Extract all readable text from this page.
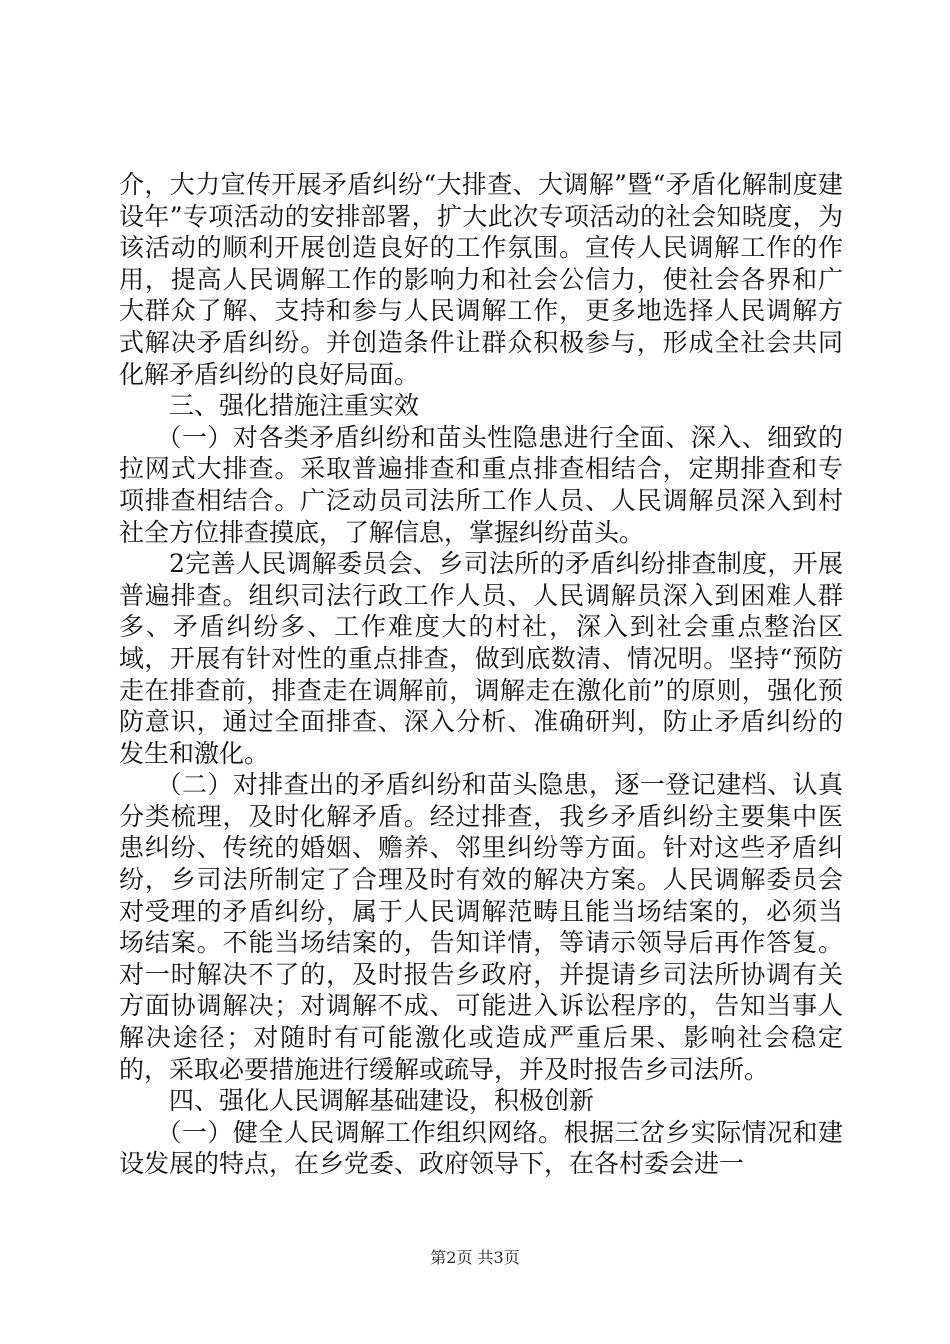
介，大力宣传开展矛盾纠纷“大排查、大调解”暨“矛盾化解制度建设年”专项活动的安排部署，扩大此次专项活动的社会知晓度，为该活动的顺利开展创造良好的工作氛围。宣传人民调解工作的作用，提高人民调解工作的影响力和社会公信力，使社会各界和广大群众了解、支持和参与人民调解工作，更多地选择人民调解方式解决矛盾纠纷。并创造条件让群众积极参与，形成全社会共同化解矛盾纠纷的良好局面。

三、强化措施注重实效

（一）对各类矛盾纠纷和苗头性隐患进行全面、深入、细致的拉网式大排查。采取普遍排查和重点排查相结合，定期排查和专项排查相结合。广泛动员司法所工作人员、人民调解员深入到村社全方位排查摸底，了解信息，掌握纠纷苗头。

2完善人民调解委员会、乡司法所的矛盾纠纷排查制度，开展普遍排查。组织司法行政工作人员、人民调解员深入到困难人群多、矛盾纠纷多、工作难度大的村社，深入到社会重点整治区域，开展有针对性的重点排查，做到底数清、情况明。坚持“预防走在排查前，排查走在调解前，调解走在激化前”的原则，强化预防意识，通过全面排查、深入分析、准确研判，防止矛盾纠纷的发生和激化。

（二）对排查出的矛盾纠纷和苗头隐患，逐一登记建档、认真分类梳理，及时化解矛盾。经过排查，我乡矛盾纠纷主要集中医患纠纷、传统的婚姻、赡养、邻里纠纷等方面。针对这些矛盾纠纷，乡司法所制定了合理及时有效的解决方案。人民调解委员会对受理的矛盾纠纷，属于人民调解范畴且能当场结案的，必须当场结案。不能当场结案的，告知详情，等请示领导后再作答复。对一时解决不了的，及时报告乡政府，并提请乡司法所协调有关方面协调解决；对调解不成、可能进入诉讼程序的，告知当事人解决途径；对随时有可能激化或造成严重后果、影响社会稳定的，采取必要措施进行缓解或疏导，并及时报告乡司法所。

四、强化人民调解基础建设，积极创新

（一）健全人民调解工作组织网络。根据三岔乡实际情况和建设发展的特点，在乡党委、政府领导下，在各村委会进一

第2页 共3页
